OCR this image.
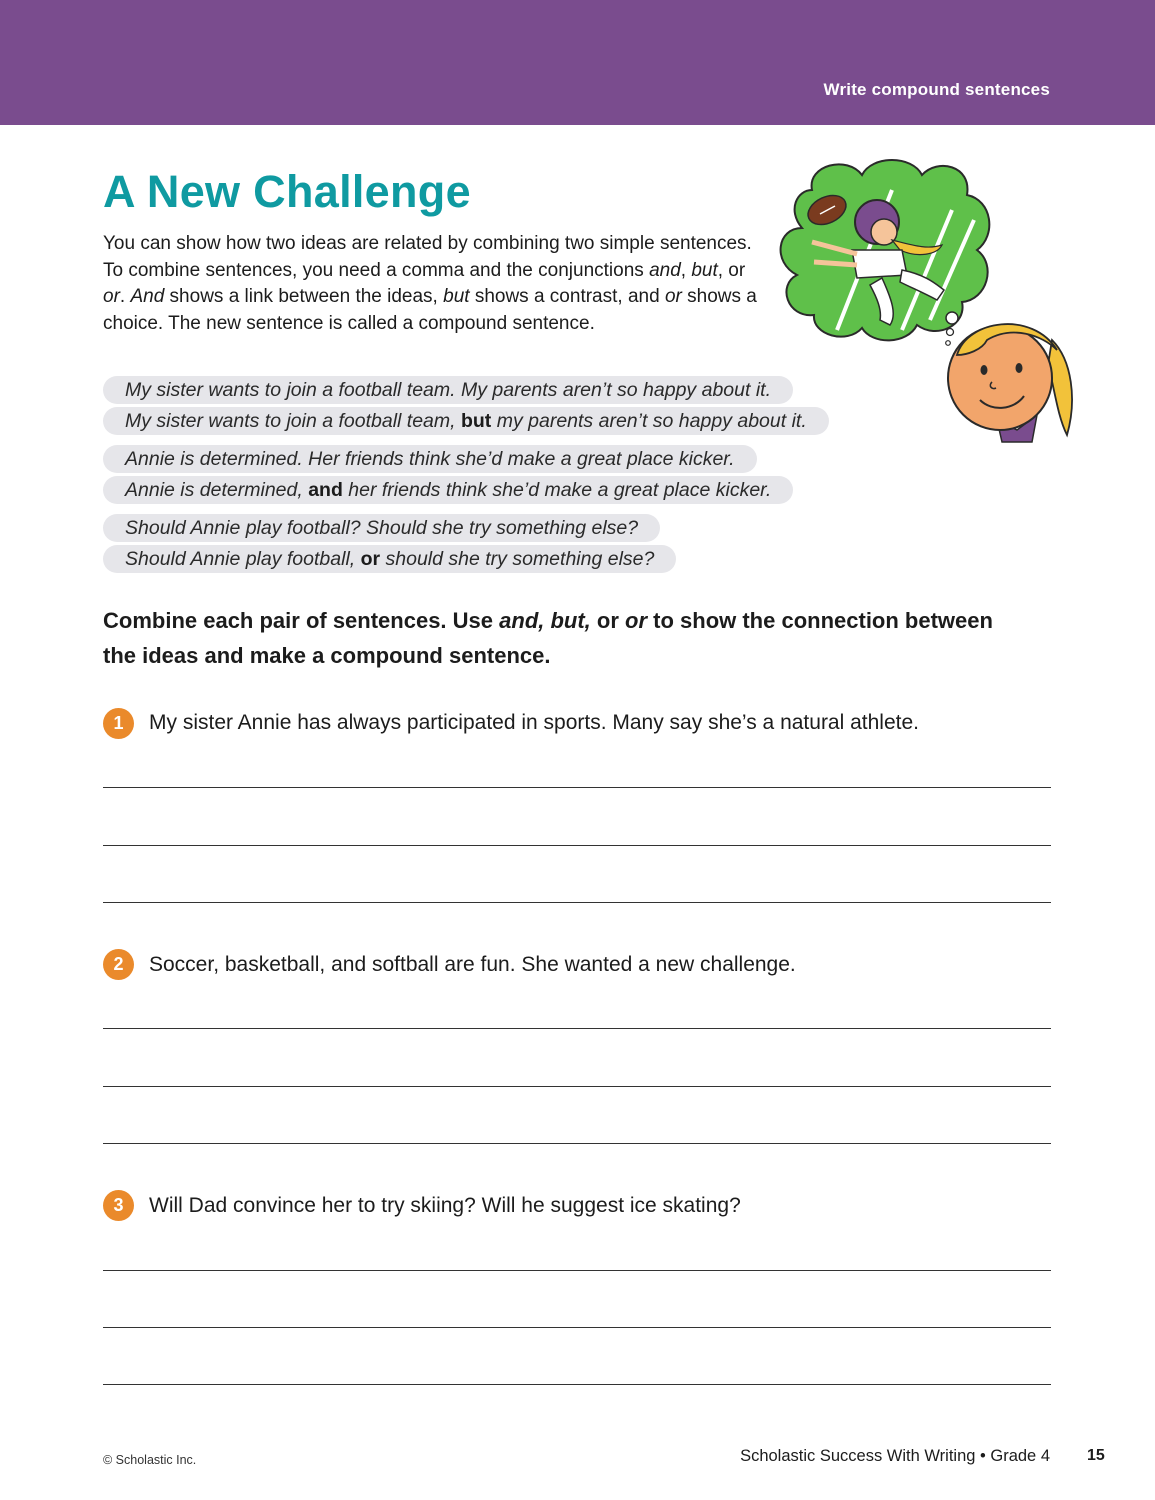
Write compound sentences
A New Challenge

You can show how two ideas are related by combining two simple sentences. To combine sentences, you need a comma and the conjunctions and, but, or or. And shows a link between the ideas, but shows a contrast, and or shows a choice. The new sentence is called a compound sentence.

My sister wants to join a football team. My parents aren’t so happy about it.
My sister wants to join a football team, but my parents aren’t so happy about it.
Annie is determined. Her friends think she’d make a great place kicker.
Annie is determined, and her friends think she’d make a great place kicker.
Should Annie play football? Should she try something else?
Should Annie play football, or should she try something else?

Combine each pair of sentences. Use and, but, or or to show the connection between the ideas and make a compound sentence.

1	My sister Annie has always participated in sports. Many say she’s a natural athlete.
2	Soccer, basketball, and softball are fun. She wanted a new challenge.
3	Will Dad convince her to try skiing? Will he suggest ice skating?
© Scholastic Inc.	Scholastic Success With Writing • Grade 4 15
